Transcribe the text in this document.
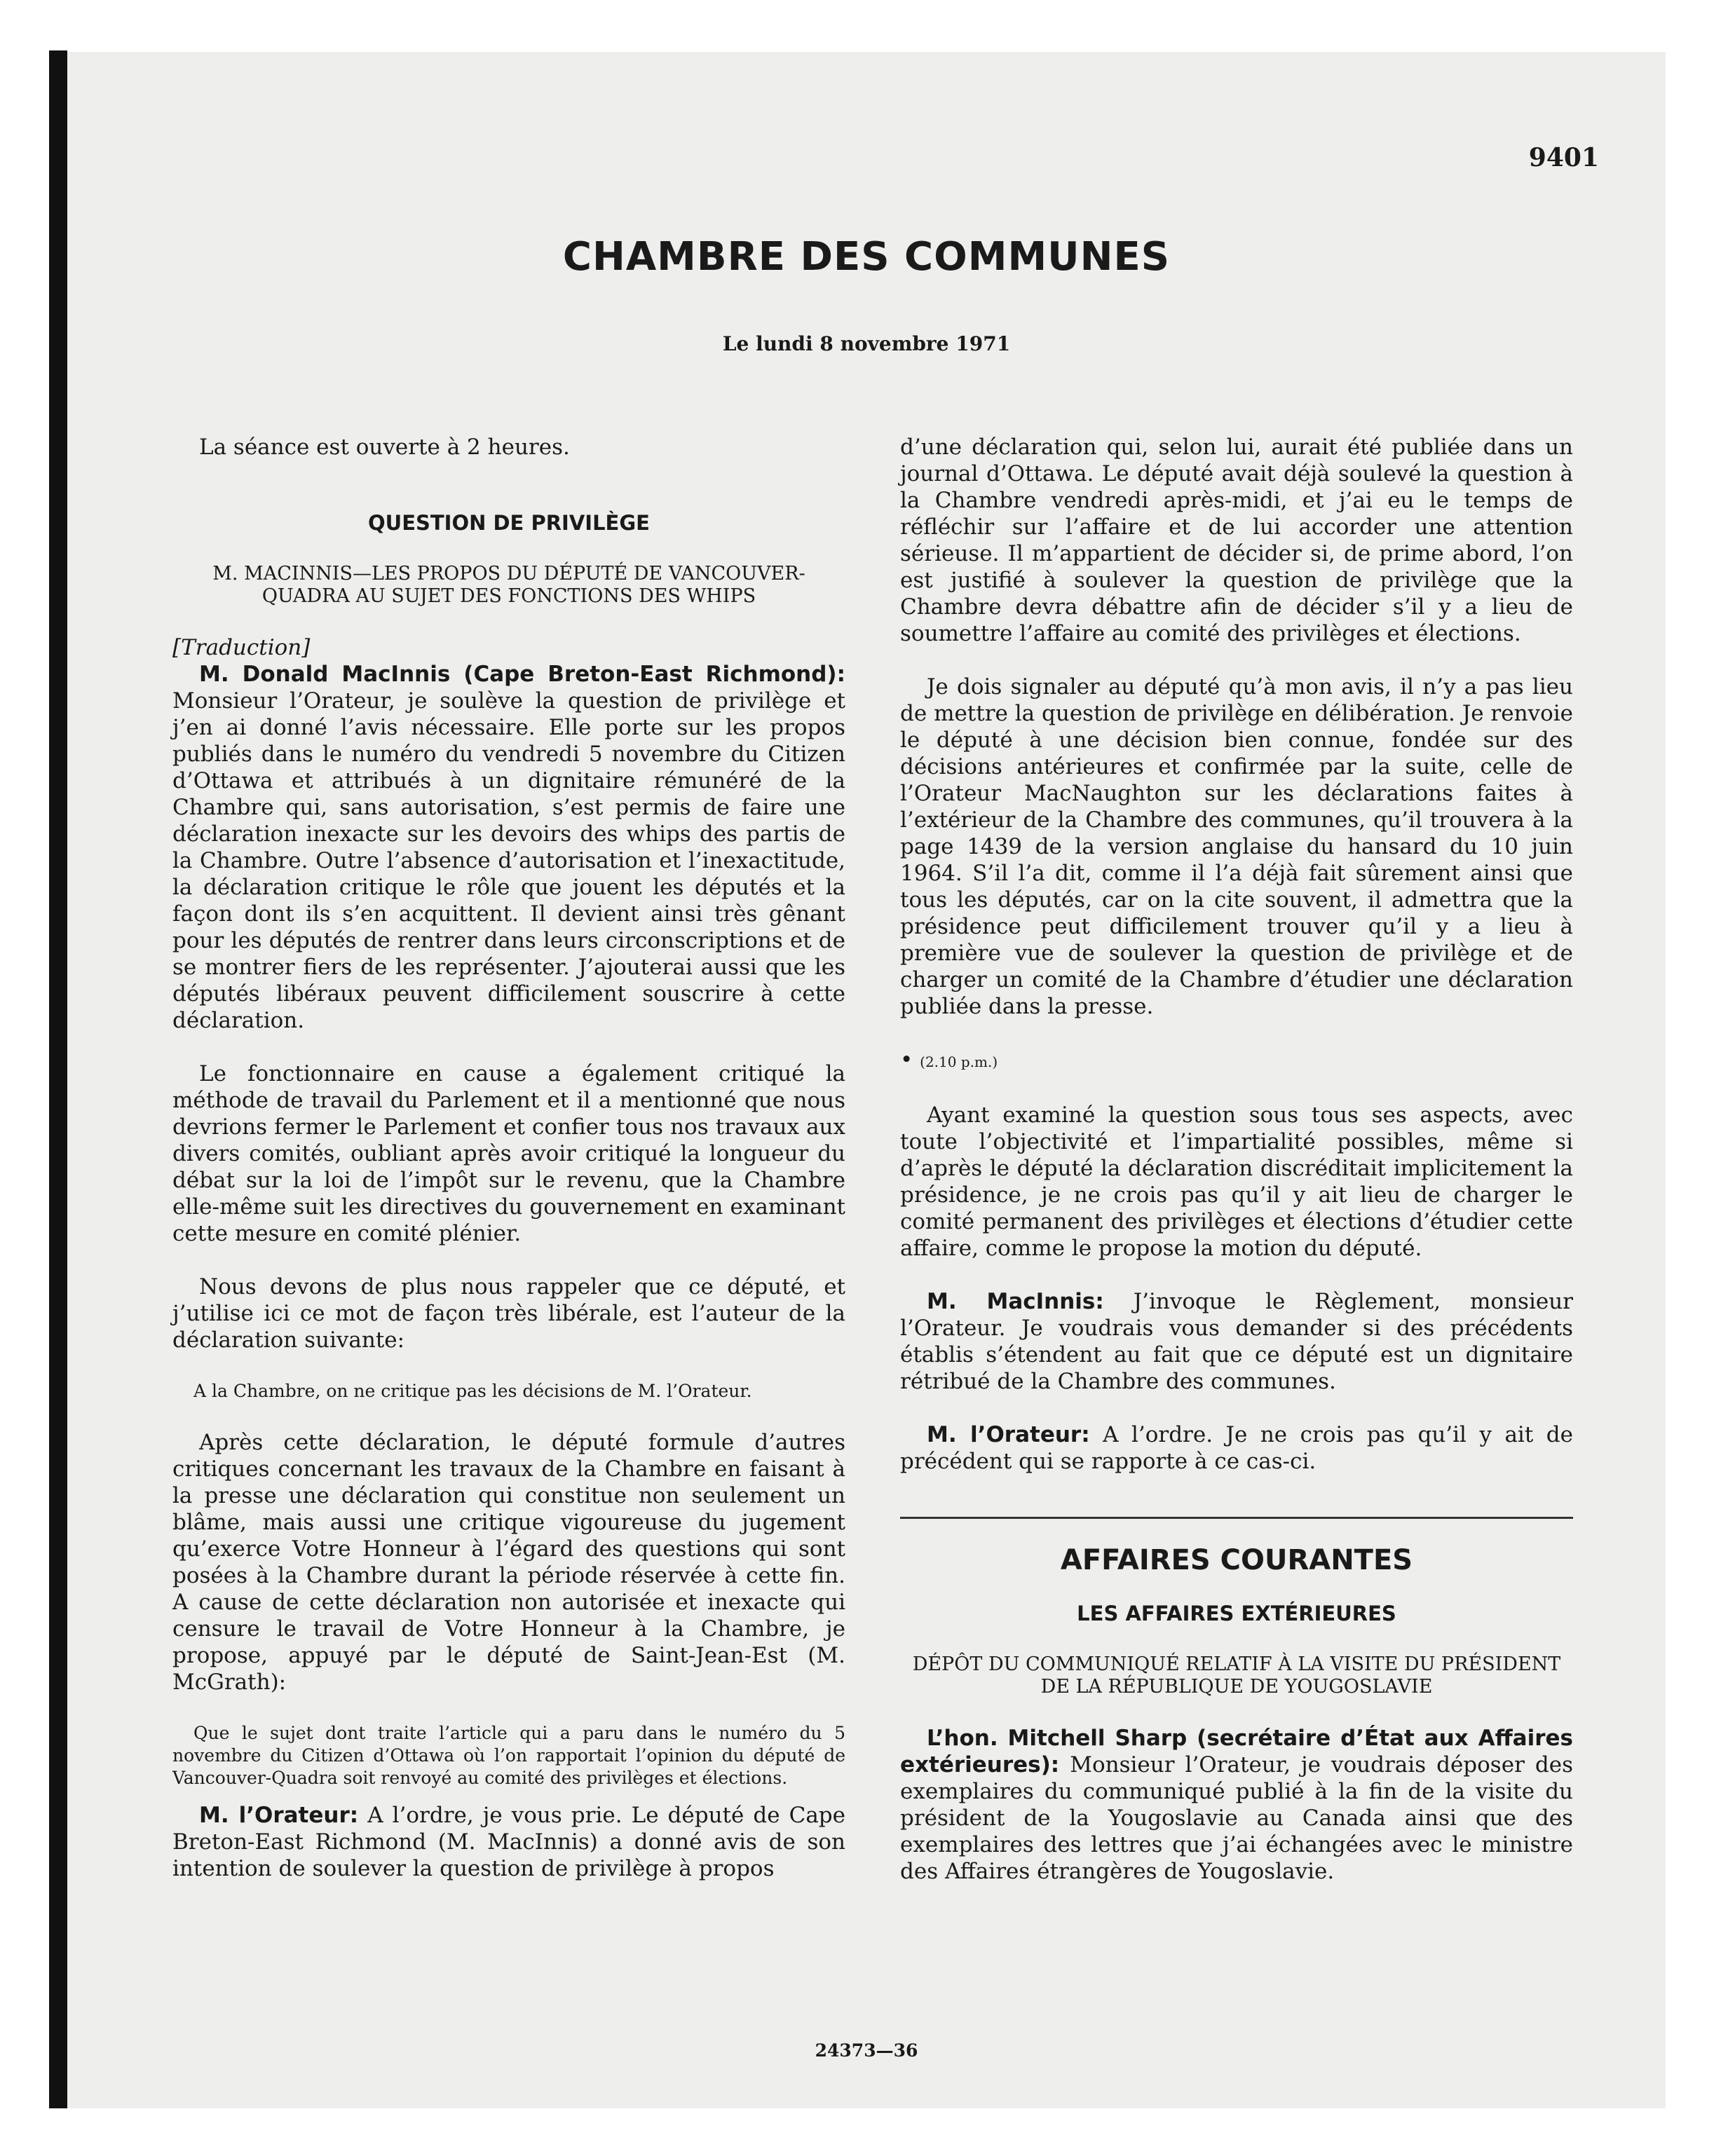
9401
CHAMBRE DES COMMUNES
Le lundi 8 novembre 1971

La séance est ouverte à 2 heures.

QUESTION DE PRIVILÈGE

M. MACINNIS—LES PROPOS DU DÉPUTÉ DE VANCOUVER-QUADRA AU SUJET DES FONCTIONS DES WHIPS

[Traduction]

M. Donald MacInnis (Cape Breton-East Richmond): Monsieur l’Orateur, je soulève la question de privilège et j’en ai donné l’avis nécessaire. Elle porte sur les propos publiés dans le numéro du vendredi 5 novembre du Citizen d’Ottawa et attribués à un dignitaire rémunéré de la Chambre qui, sans autorisation, s’est permis de faire une déclaration inexacte sur les devoirs des whips des partis de la Chambre. Outre l’absence d’autorisation et l’inexactitude, la déclaration critique le rôle que jouent les députés et la façon dont ils s’en acquittent. Il devient ainsi très gênant pour les députés de rentrer dans leurs circonscriptions et de se montrer fiers de les représenter. J’ajouterai aussi que les députés libéraux peuvent difficilement souscrire à cette déclaration.

Le fonctionnaire en cause a également critiqué la méthode de travail du Parlement et il a mentionné que nous devrions fermer le Parlement et confier tous nos travaux aux divers comités, oubliant après avoir critiqué la longueur du débat sur la loi de l’impôt sur le revenu, que la Chambre elle-même suit les directives du gouvernement en examinant cette mesure en comité plénier.

Nous devons de plus nous rappeler que ce député, et j’utilise ici ce mot de façon très libérale, est l’auteur de la déclaration suivante:

A la Chambre, on ne critique pas les décisions de M. l’Orateur.

Après cette déclaration, le député formule d’autres critiques concernant les travaux de la Chambre en faisant à la presse une déclaration qui constitue non seulement un blâme, mais aussi une critique vigoureuse du jugement qu’exerce Votre Honneur à l’égard des questions qui sont posées à la Chambre durant la période réservée à cette fin. A cause de cette déclaration non autorisée et inexacte qui censure le travail de Votre Honneur à la Chambre, je propose, appuyé par le député de Saint-Jean-Est (M. McGrath):

Que le sujet dont traite l’article qui a paru dans le numéro du 5 novembre du Citizen d’Ottawa où l’on rapportait l’opinion du député de Vancouver-Quadra soit renvoyé au comité des privilèges et élections.

M. l’Orateur: A l’ordre, je vous prie. Le député de Cape Breton-East Richmond (M. MacInnis) a donné avis de son intention de soulever la question de privilège à propos

d’une déclaration qui, selon lui, aurait été publiée dans un journal d’Ottawa. Le député avait déjà soulevé la question à la Chambre vendredi après-midi, et j’ai eu le temps de réfléchir sur l’affaire et de lui accorder une attention sérieuse. Il m’appartient de décider si, de prime abord, l’on est justifié à soulever la question de privilège que la Chambre devra débattre afin de décider s’il y a lieu de soumettre l’affaire au comité des privilèges et élections.

Je dois signaler au député qu’à mon avis, il n’y a pas lieu de mettre la question de privilège en délibération. Je renvoie le député à une décision bien connue, fondée sur des décisions antérieures et confirmée par la suite, celle de l’Orateur MacNaughton sur les déclarations faites à l’extérieur de la Chambre des communes, qu’il trouvera à la page 1439 de la version anglaise du hansard du 10 juin 1964. S’il l’a dit, comme il l’a déjà fait sûrement ainsi que tous les députés, car on la cite souvent, il admettra que la présidence peut difficilement trouver qu’il y a lieu à première vue de soulever la question de privilège et de charger un comité de la Chambre d’étudier une déclaration publiée dans la presse.

• (2.10 p.m.)

Ayant examiné la question sous tous ses aspects, avec toute l’objectivité et l’impartialité possibles, même si d’après le député la déclaration discréditait implicitement la présidence, je ne crois pas qu’il y ait lieu de charger le comité permanent des privilèges et élections d’étudier cette affaire, comme le propose la motion du député.

M. MacInnis: J’invoque le Règlement, monsieur l’Orateur. Je voudrais vous demander si des précédents établis s’étendent au fait que ce député est un dignitaire rétribué de la Chambre des communes.

M. l’Orateur: A l’ordre. Je ne crois pas qu’il y ait de précédent qui se rapporte à ce cas-ci.

AFFAIRES COURANTES

LES AFFAIRES EXTÉRIEURES

DÉPÔT DU COMMUNIQUÉ RELATIF À LA VISITE DU PRÉSIDENT DE LA RÉPUBLIQUE DE YOUGOSLAVIE

L’hon. Mitchell Sharp (secrétaire d’État aux Affaires extérieures): Monsieur l’Orateur, je voudrais déposer des exemplaires du communiqué publié à la fin de la visite du président de la Yougoslavie au Canada ainsi que des exemplaires des lettres que j’ai échangées avec le ministre des Affaires étrangères de Yougoslavie.

24373—36
